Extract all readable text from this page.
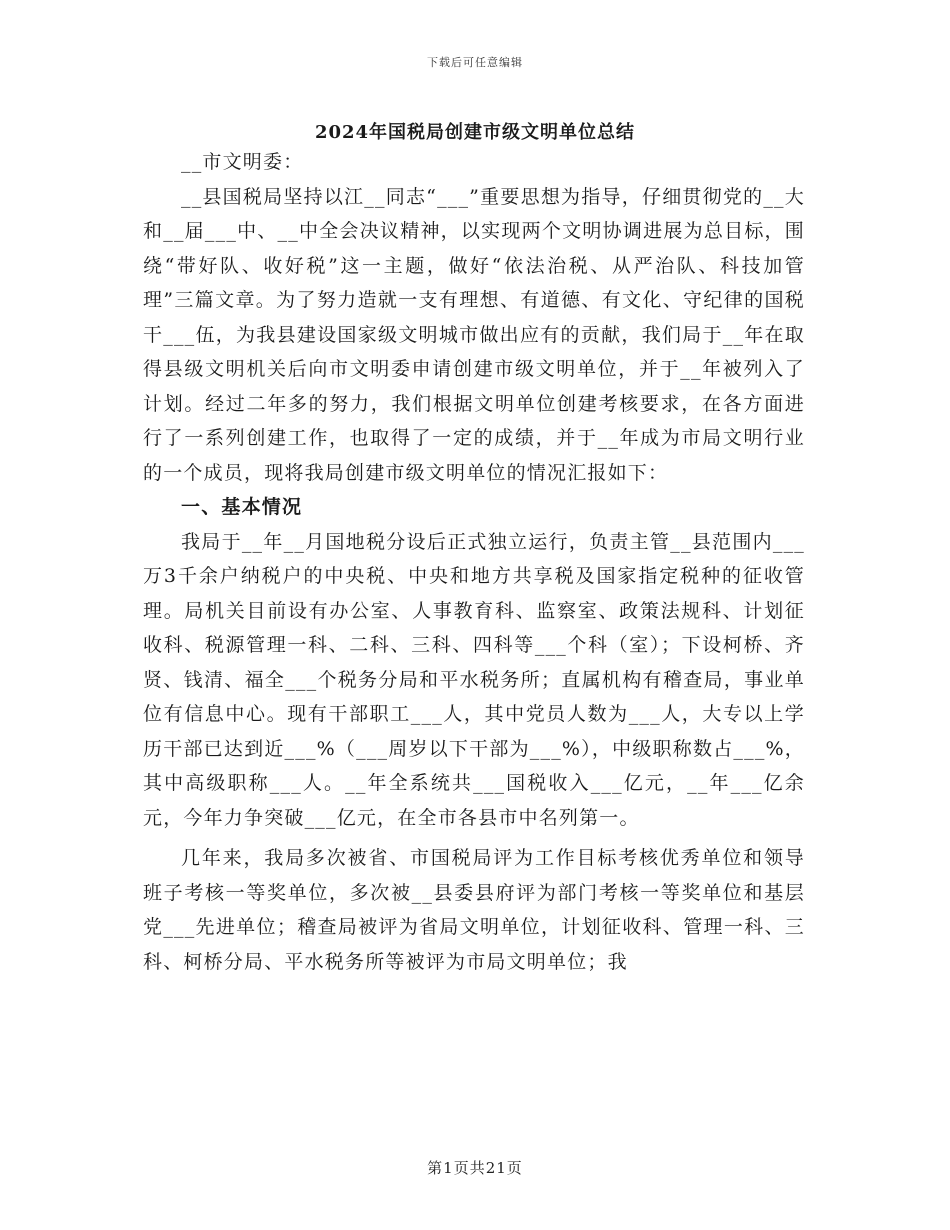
下载后可任意编辑
2024年国税局创建市级文明单位总结

__市文明委：

__县国税局坚持以江__同志“___”重要思想为指导，仔细贯彻党的__大和__届___中、__中全会决议精神，以实现两个文明协调进展为总目标，围绕“带好队、收好税”这一主题，做好“依法治税、从严治队、科技加管理”三篇文章。为了努力造就一支有理想、有道德、有文化、守纪律的国税干___伍，为我县建设国家级文明城市做出应有的贡献，我们局于__年在取得县级文明机关后向市文明委申请创建市级文明单位，并于__年被列入了计划。经过二年多的努力，我们根据文明单位创建考核要求，在各方面进行了一系列创建工作，也取得了一定的成绩，并于__年成为市局文明行业的一个成员，现将我局创建市级文明单位的情况汇报如下：

一、基本情况

我局于__年__月国地税分设后正式独立运行，负责主管__县范围内___万3千余户纳税户的中央税、中央和地方共享税及国家指定税种的征收管理。局机关目前设有办公室、人事教育科、监察室、政策法规科、计划征收科、税源管理一科、二科、三科、四科等___个科（室）；下设柯桥、齐贤、钱清、福全___个税务分局和平水税务所；直属机构有稽查局，事业单位有信息中心。现有干部职工___人，其中党员人数为___人，大专以上学历干部已达到近___%（___周岁以下干部为___%），中级职称数占___%，其中高级职称___人。__年全系统共___国税收入___亿元，__年___亿余元，今年力争突破___亿元，在全市各县市中名列第一。

几年来，我局多次被省、市国税局评为工作目标考核优秀单位和领导班子考核一等奖单位，多次被__县委县府评为部门考核一等奖单位和基层党___先进单位；稽查局被评为省局文明单位，计划征收科、管理一科、三科、柯桥分局、平水税务所等被评为市局文明单位；我

第1页共21页
